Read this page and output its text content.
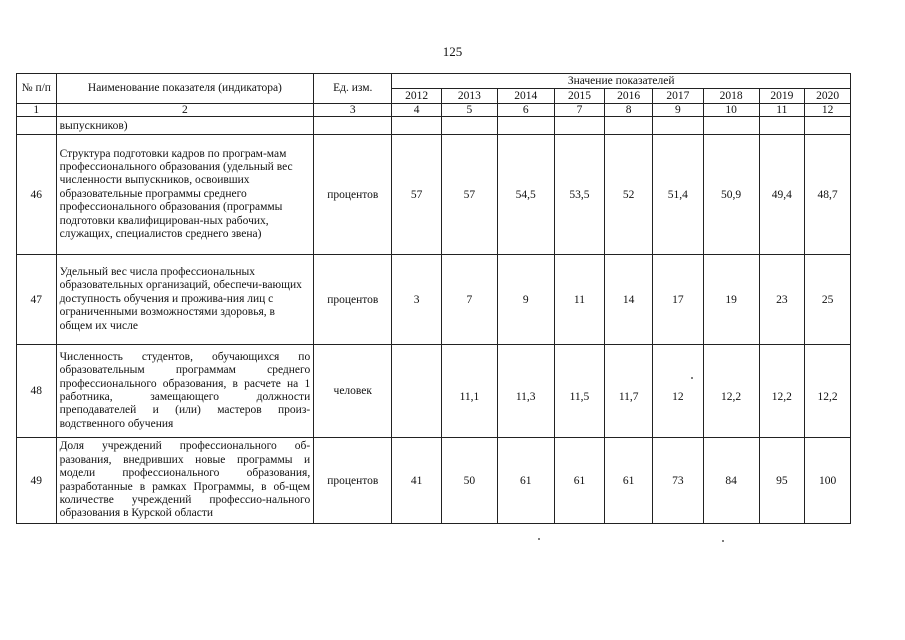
125
№ п/п	Наименование показателя (индикатора)	Ед. изм.	Значение показателей								
			2012	2013	2014	2015	2016	2017	2018	2019	2020
1	2	3	4	5	6	7	8	9	10	11	12
	выпускников)										
46	Структура подготовки кадров по програм-мам профессионального образования (удельный вес численности выпускников, освоивших образовательные программы среднего профессионального образования (программы подготовки квалифицирован-ных рабочих, служащих, специалистов среднего звена)	процентов	57	57	54,5	53,5	52	51,4	50,9	49,4	48,7
47	Удельный вес числа профессиональных образовательных организаций, обеспечи-вающих доступность обучения и прожива-ния лиц с ограниченными возможностями здоровья, в общем их числе	процентов	3	7	9	11	14	17	19	23	25
48	Численность студентов, обучающихся по образовательным программам среднего профессионального образования, в расчете на 1 работника, замещающего должности преподавателей и (или) мастеров произ-водственного обучения	человек		11,1	11,3	11,5	11,7	12	12,2	12,2	12,2
49	Доля учреждений профессионального об-разования, внедривших новые программы и модели профессионального образования, разработанные в рамках Программы, в об-щем количестве учреждений профессио-нального образования в Курской области	процентов	41	50	61	61	61	73	84	95	100
